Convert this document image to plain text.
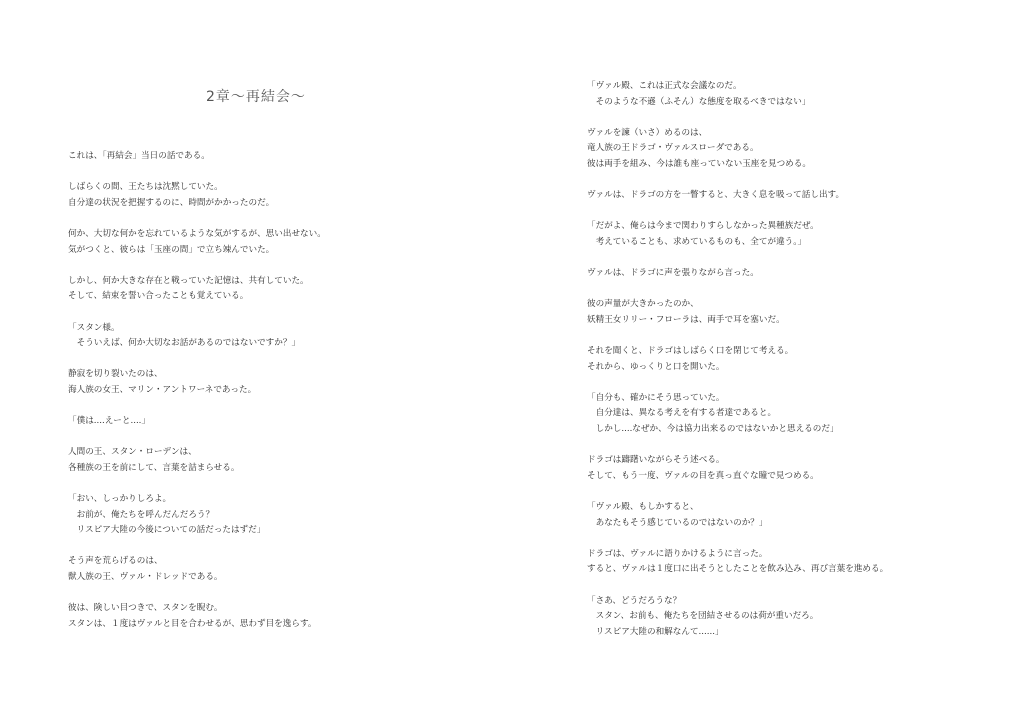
2章〜再結会〜
これは、「再結会」当日の話である。
しばらくの間、王たちは沈黙していた。
自分達の状況を把握するのに、時間がかかったのだ。
何か、大切な何かを忘れているような気がするが、思い出せない。
気がつくと、彼らは「玉座の間」で立ち竦んでいた。
しかし、何か大きな存在と戦っていた記憶は、共有していた。
そして、結束を誓い合ったことも覚えている。
「スタン様。
　そういえば、何か大切なお話があるのではないですか？」
静寂を切り裂いたのは、
海人族の女王、マリン・アントワーネであった。
「僕は....えーと....」
人間の王、スタン・ローデンは、
各種族の王を前にして、言葉を詰まらせる。
「おい、しっかりしろよ。
　お前が、俺たちを呼んだんだろう？
　リスピア大陸の今後についての話だったはずだ」
そう声を荒らげるのは、
獣人族の王、ヴァル・ドレッドである。
彼は、険しい目つきで、スタンを睨む。
スタンは、１度はヴァルと目を合わせるが、思わず目を逸らす。
「ヴァル殿、これは正式な会議なのだ。
　そのような不遜（ふそん）な態度を取るべきではない」
ヴァルを諫（いさ）めるのは、
竜人族の王ドラゴ・ヴァルスローダである。
彼は両手を組み、今は誰も座っていない玉座を見つめる。
ヴァルは、ドラゴの方を一瞥すると、大きく息を吸って話し出す。
「だがよ、俺らは今まで関わりすらしなかった異種族だぜ。
　考えていることも、求めているものも、全てが違う。」
ヴァルは、ドラゴに声を張りながら言った。
彼の声量が大きかったのか、
妖精王女リリー・フローラは、両手で耳を塞いだ。
それを聞くと、ドラゴはしばらく口を閉じて考える。
それから、ゆっくりと口を開いた。
「自分も、確かにそう思っていた。
　自分達は、異なる考えを有する者達であると。
　しかし....なぜか、今は協力出来るのではないかと思えるのだ」
ドラゴは躊躇いながらそう述べる。
そして、もう一度、ヴァルの目を真っ直ぐな瞳で見つめる。
「ヴァル殿、もしかすると、
　あなたもそう感じているのではないのか？」
ドラゴは、ヴァルに語りかけるように言った。
すると、ヴァルは１度口に出そうとしたことを飲み込み、再び言葉を進める。
「さあ、どうだろうな？
　スタン、お前も、俺たちを団結させるのは荷が重いだろ。
　リスピア大陸の和解なんて......」
